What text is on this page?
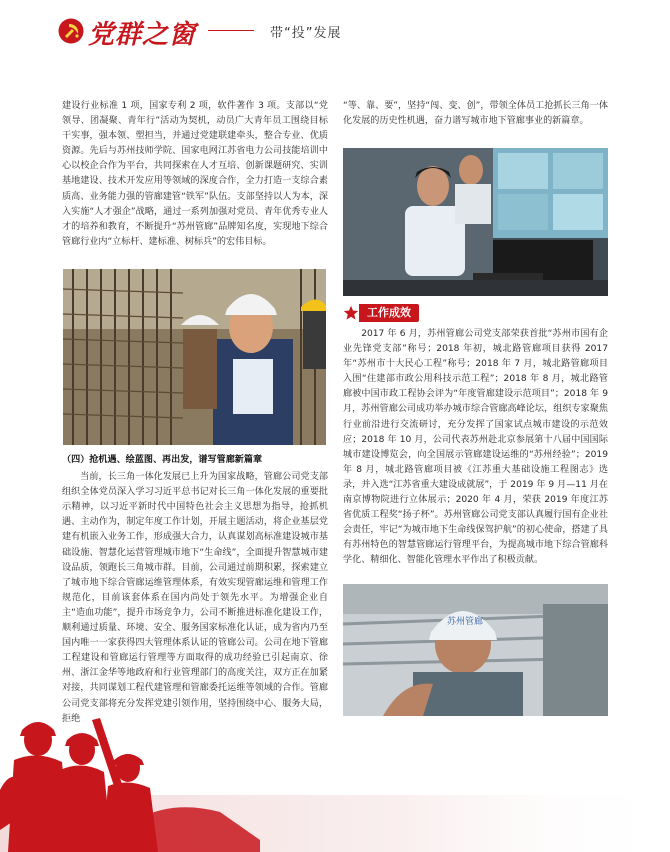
党群之窗	带“投”发展

建设行业标准 1 项，国家专利 2 项，软件著作 3 项。支部以“党领导、团凝聚、青年行”活动为契机，动员广大青年员工围绕目标干实事，强本领、塑担当，并通过党建联建牵头，整合专业、优质资源。先后与苏州技师学院、国家电网江苏省电力公司技能培训中心以校企合作为平台，共同探索在人才互培、创新课题研究、实训基地建设、技术开发应用等领域的深度合作，全力打造一支综合素质高、业务能力强的管廊建管“铁军”队伍。支部坚持以人为本，深入实施“人才强企”战略，通过一系列加强对党员、青年优秀专业人才的培养和教育，不断提升“苏州管廊”品牌知名度，实现地下综合管廊行业内“立标杆、建标准、树标兵”的宏伟目标。

（四）抢机遇、绘蓝图、再出发，谱写管廊新篇章

当前，长三角一体化发展已上升为国家战略，管廊公司党支部组织全体党员深入学习习近平总书记对长三角一体化发展的重要批示精神，以习近平新时代中国特色社会主义思想为指导，抢抓机遇、主动作为，制定年度工作计划，开展主题活动，将企业基层党建有机嵌入业务工作，形成强大合力，认真谋划高标准建设城市基础设施、智慧化运营管理城市地下“生命线”，全面提升智慧城市建设品质，领跑长三角城市群。目前，公司通过前期积累，探索建立了城市地下综合管廊运维管理体系，有效实现管廊运维和管理工作规范化，目前该套体系在国内尚处于领先水平。为增强企业自主“造血功能”，提升市场竞争力，公司不断推进标准化建设工作，顺利通过质量、环境、安全、服务国家标准化认证，成为省内乃至国内唯一一家获得四大管理体系认证的管廊公司。公司在地下管廊工程建设和管廊运行管理等方面取得的成功经验已引起南京、徐州、浙江金华等地政府和行业管理部门的高度关注，双方正在加紧对接，共同谋划工程代建管理和管廊委托运维等领域的合作。管廊公司党支部将充分发挥党建引领作用，坚持围绕中心、服务大局，拒绝

“等、靠、要”，坚持“闯、变、创”，带领全体员工抢抓长三角一体化发展的历史性机遇，奋力谱写城市地下管廊事业的新篇章。

工作成效

2017 年 6 月，苏州管廊公司党支部荣获首批“苏州市国有企业先锋党支部”称号；2018 年初，城北路管廊项目获得 2017 年“苏州市十大民心工程”称号；2018 年 7 月，城北路管廊项目入围“住建部市政公用科技示范工程”；2018 年 8 月，城北路管廊被中国市政工程协会评为“年度管廊建设示范项目”；2018 年 9 月，苏州管廊公司成功举办城市综合管廊高峰论坛，组织专家聚焦行业前沿进行交流研讨，充分发挥了国家试点城市建设的示范效应；2018 年 10 月，公司代表苏州赴北京参展第十八届中国国际城市建设博览会，向全国展示管廊建设运维的“苏州经验”；2019 年 8 月，城北路管廊项目被《江苏重大基础设施工程图志》选录，并入选“江苏省重大建设成就展”，于 2019 年 9 月—11 月在南京博物院进行立体展示；2020 年 4 月，荣获 2019 年度江苏省优质工程奖“扬子杯”。苏州管廊公司党支部认真履行国有企业社会责任，牢记“为城市地下生命线保驾护航”的初心使命，搭建了具有苏州特色的智慧管廊运行管理平台，为提高城市地下综合管廊科学化、精细化、智能化管理水平作出了积极贡献。

苏州管廊
